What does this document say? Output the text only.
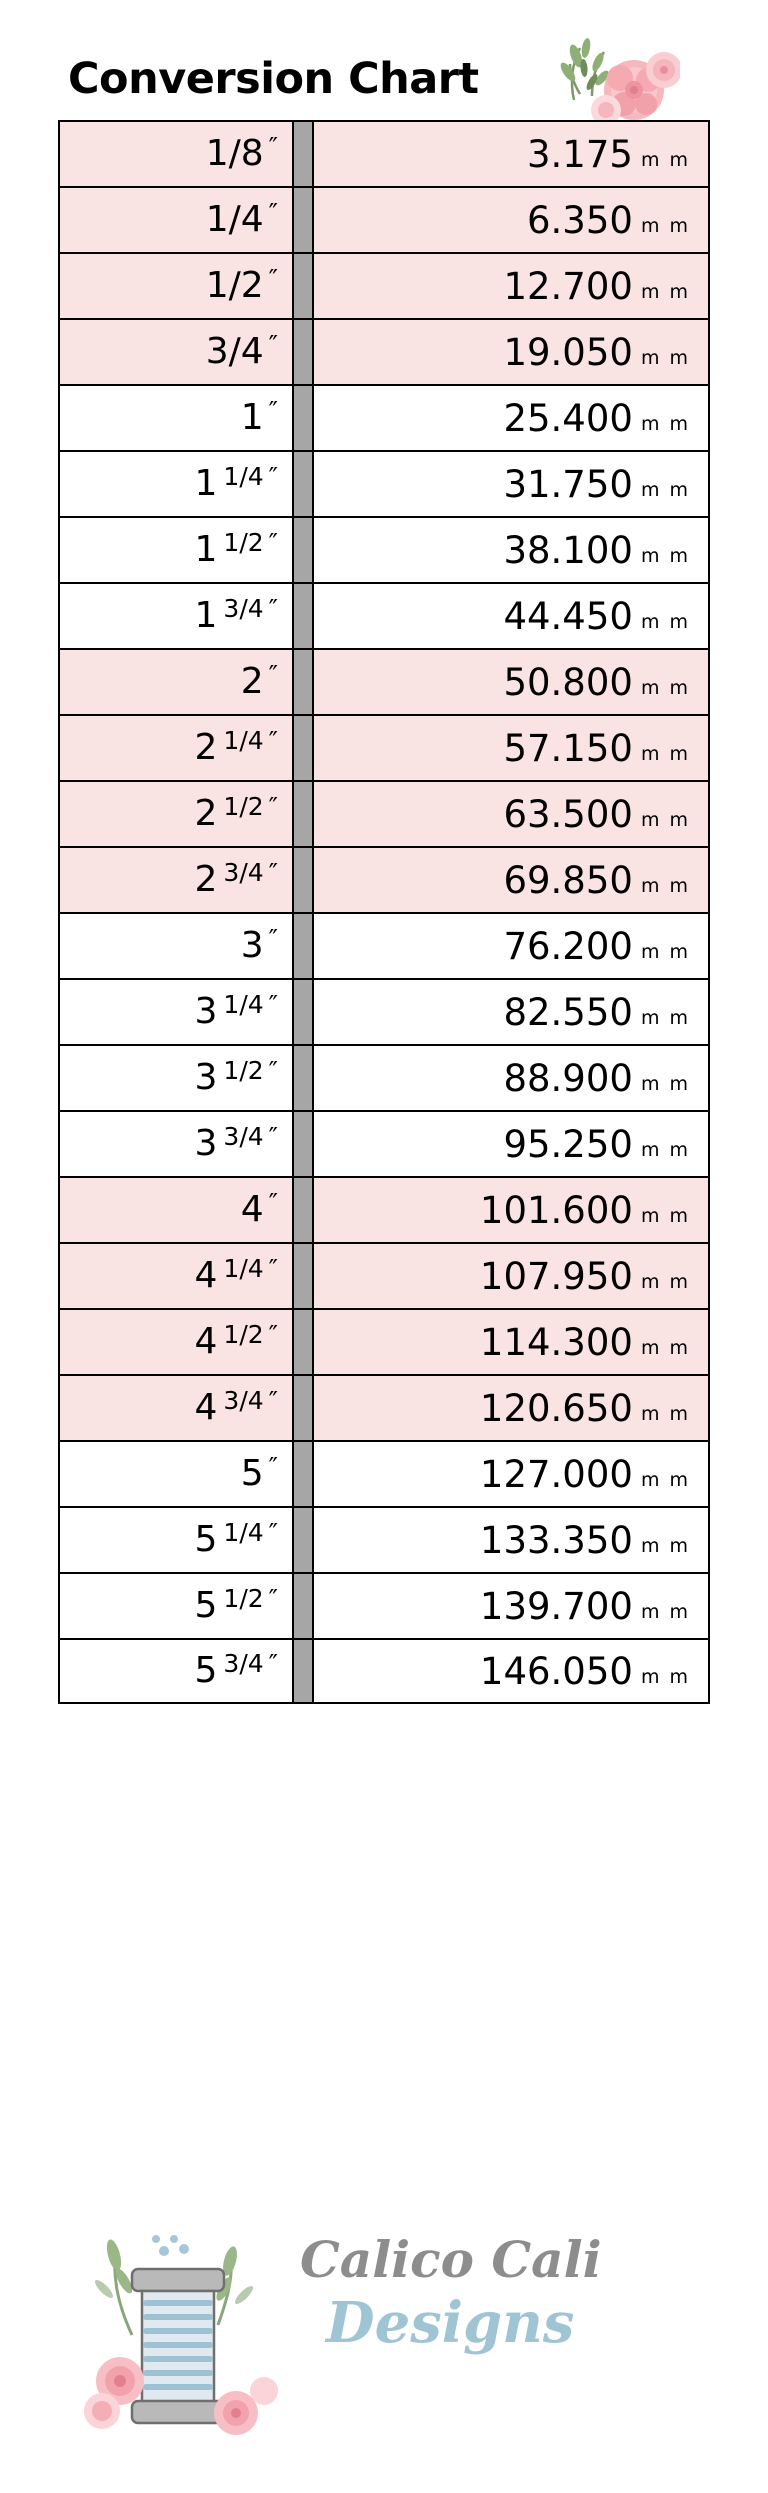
Conversion Chart
1/8 ″	3.175 m m
1/4 ″	6.350 m m
1/2 ″	12.700 m m
3/4 ″	19.050 m m
1 ″	25.400 m m
1 1/4 ″	31.750 m m
1 1/2 ″	38.100 m m
1 3/4 ″	44.450 m m
2 ″	50.800 m m
2 1/4 ″	57.150 m m
2 1/2 ″	63.500 m m
2 3/4 ″	69.850 m m
3 ″	76.200 m m
3 1/4 ″	82.550 m m
3 1/2 ″	88.900 m m
3 3/4 ″	95.250 m m
4 ″	101.600 m m
4 1/4 ″	107.950 m m
4 1/2 ″	114.300 m m
4 3/4 ″	120.650 m m
5 ″	127.000 m m
5 1/4 ″	133.350 m m
5 1/2 ″	139.700 m m
5 3/4 ″	146.050 m m
Calico Cali
Designs
